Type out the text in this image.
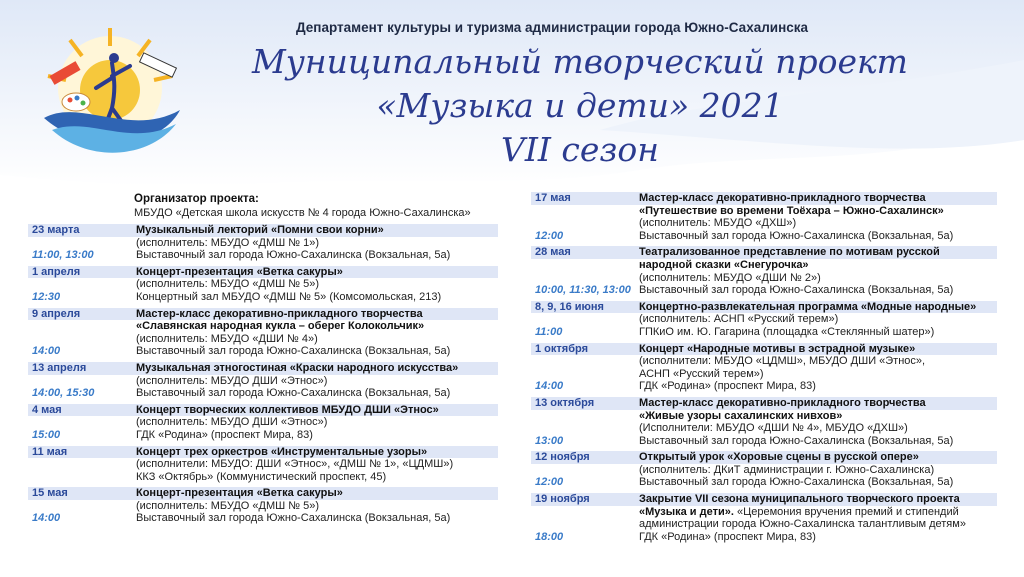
Департамент культуры и туризма администрации города Южно-Сахалинска
Муниципальный творческий проект
«Музыка и дети» 2021
VII сезон
Организатор проекта:
МБУДО «Детская школа искусств № 4 города Южно-Сахалинска»
23 марта	Музыкальный лекторий «Помни свои корни»
(исполнитель: МБУДО «ДМШ № 1»)
11:00, 13:00	Выставочный зал города Южно-Сахалинска (Вокзальная, 5а)
1 апреля	Концерт-презентация «Ветка сакуры»
(исполнитель: МБУДО «ДМШ № 5»)
12:30	Концертный зал МБУДО «ДМШ № 5» (Комсомольская, 213)
9 апреля	Мастер-класс декоративно-прикладного творчества
«Славянская народная кукла – оберег Колокольчик»
(исполнитель: МБУДО «ДШИ № 4»)
14:00	Выставочный зал города Южно-Сахалинска (Вокзальная, 5а)
13 апреля	Музыкальная этногостиная «Краски народного искусства»
(исполнитель: МБУДО ДШИ «Этнос»)
14:00, 15:30	Выставочный зал города Южно-Сахалинска (Вокзальная, 5а)
4 мая	Концерт творческих коллективов МБУДО ДШИ «Этнос»
(исполнитель: МБУДО ДШИ «Этнос»)
15:00	ГДК «Родина» (проспект Мира, 83)
11 мая	Концерт трех оркестров «Инструментальные узоры»
(исполнители: МБУДО: ДШИ «Этнос», «ДМШ № 1», «ЦДМШ»)
ККЗ «Октябрь» (Коммунистический проспект, 45)
15 мая	Концерт-презентация «Ветка сакуры»
(исполнитель: МБУДО «ДМШ № 5»)
14:00	Выставочный зал города Южно-Сахалинска (Вокзальная, 5а)
17 мая	Мастер-класс декоративно-прикладного творчества
«Путешествие во времени Тоёхара – Южно-Сахалинск»
(исполнитель: МБУДО «ДХШ»)
12:00	Выставочный зал города Южно-Сахалинска (Вокзальная, 5а)
28 мая	Театрализованное представление по мотивам русской
народной сказки «Снегурочка»
(исполнитель: МБУДО «ДШИ № 2»)
10:00, 11:30, 13:00 Выставочный зал города Южно-Сахалинска (Вокзальная, 5а)
8, 9, 16 июня	Концертно-развлекательная программа «Модные народные»
(исполнитель: АСНП «Русский терем»)
11:00	ГПКиО им. Ю. Гагарина (площадка «Стеклянный шатер»)
1 октября	Концерт «Народные мотивы в эстрадной музыке»
(исполнители: МБУДО «ЦДМШ», МБУДО ДШИ «Этнос»,
АСНП «Русский терем»)
14:00	ГДК «Родина» (проспект Мира, 83)
13 октября	Мастер-класс декоративно-прикладного творчества
«Живые узоры сахалинских нивхов»
(Исполнители: МБУДО «ДШИ № 4», МБУДО «ДХШ»)
13:00	Выставочный зал города Южно-Сахалинска (Вокзальная, 5а)
12 ноября	Открытый урок «Хоровые сцены в русской опере»
(исполнитель: ДКиТ администрации г. Южно-Сахалинска)
12:00	Выставочный зал города Южно-Сахалинска (Вокзальная, 5а)
19 ноября	Закрытие VII сезона муниципального творческого проекта
«Музыка и дети». «Церемония вручения премий и стипендий
администрации города Южно-Сахалинска талантливым детям»
18:00	ГДК «Родина» (проспект Мира, 83)
